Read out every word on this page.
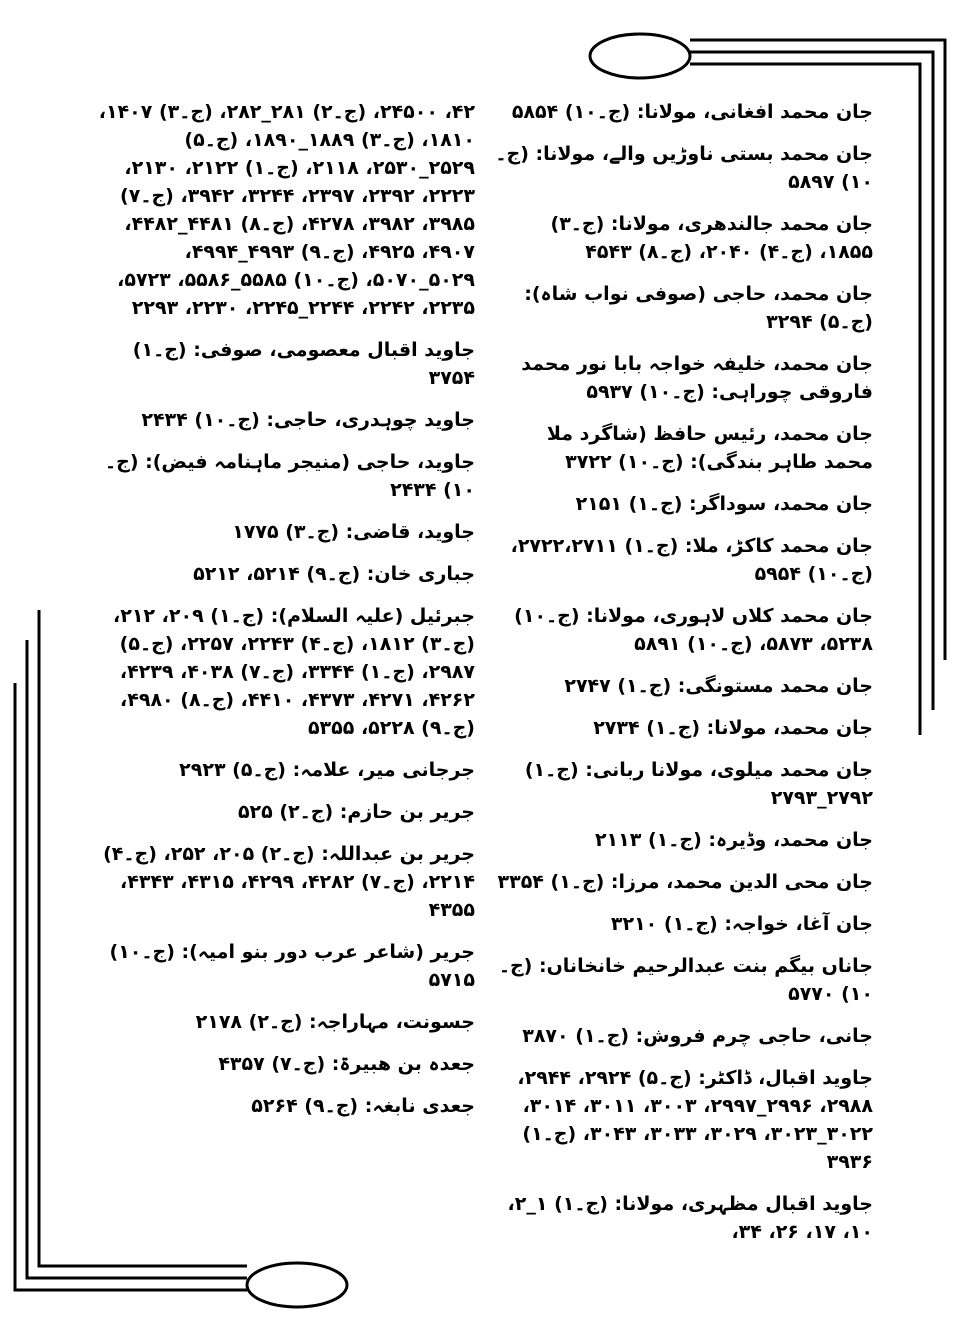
جان محمد افغانی، مولانا: (ج۔۱۰) ۵۸۵۴
جان محمد بستی ناوڑیں والے، مولانا: (ج۔۱۰) ۵۸۹۷
جان محمد جالندھری، مولانا: (ج۔۳) ۱۸۵۵، (ج۔۴) ۲۰۴۰، (ج۔۸) ۴۵۴۳
جان محمد، حاجی (صوفی نواب شاہ): (ج۔۵) ۳۲۹۴
جان محمد، خلیفہ خواجہ بابا نور محمد فاروقی چوراہی: (ج۔۱۰) ۵۹۳۷
جان محمد، رئیس حافظ (شاگرد ملا محمد طاہر بندگی): (ج۔۱۰) ۳۷۲۲
جان محمد، سوداگر: (ج۔۱) ۲۱۵۱
جان محمد کاکڑ، ملا: (ج۔۱) ۲۷۲۲،۲۷۱۱، (ج۔۱۰) ۵۹۵۴
جان محمد کلاں لاہوری، مولانا: (ج۔۱۰) ۵۲۳۸، ۵۸۷۳، (ج۔۱۰) ۵۸۹۱
جان محمد مستونگی: (ج۔۱) ۲۷۴۷
جان محمد، مولانا: (ج۔۱) ۲۷۳۴
جان محمد میلوی، مولانا ربانی: (ج۔۱) ۲۷۹۲_۲۷۹۳
جان محمد، وڈیرہ: (ج۔۱) ۲۱۱۳
جان محی الدین محمد، مرزا: (ج۔۱) ۳۳۵۴
جان آغا، خواجہ: (ج۔۱) ۳۲۱۰
جاناں بیگم بنت عبدالرحیم خانخاناں: (ج۔۱۰) ۵۷۷۰
جانی، حاجی چرم فروش: (ج۔۱) ۳۸۷۰
جاوید اقبال، ڈاکٹر: (ج۔۵) ۲۹۲۴، ۲۹۴۴، ۲۹۸۸، ۲۹۹۶_۲۹۹۷، ۳۰۰۳، ۳۰۱۱، ۳۰۱۴، ۳۰۲۲_۳۰۲۳، ۳۰۲۹، ۳۰۳۳، ۳۰۴۳، (ج۔۱) ۳۹۳۶
جاوید اقبال مظہری، مولانا: (ج۔۱) ۱_۲، ۱۰، ۱۷، ۲۶، ۳۴،
۴۲، ۲۴۵۰۰، (ج۔۲) ۲۸۱_۲۸۲، (ج۔۳) ۱۴۰۷، ۱۸۱۰، (ج۔۳) ۱۸۸۹_۱۸۹۰، (ج۔۵) ۲۵۲۹_۲۵۳۰، ۲۱۱۸، (ج۔۱) ۲۱۲۲، ۲۱۳۰، ۲۲۲۳، ۲۳۹۲، ۲۳۹۷، ۳۲۴۴، ۳۹۴۲، (ج۔۷) ۳۹۸۵، ۳۹۸۲، ۴۲۷۸، (ج۔۸) ۴۴۸۱_۴۴۸۲، ۴۹۰۷، ۴۹۲۵، (ج۔۹) ۴۹۹۳_۴۹۹۴، ۵۰۲۹_۵۰۷۰، (ج۔۱۰) ۵۵۸۵_۵۵۸۶، ۵۷۲۳، ۲۲۳۵، ۲۲۴۲، ۲۲۴۴_۲۲۴۵، ۲۲۳۰، ۲۲۹۳
جاوید اقبال معصومی، صوفی: (ج۔۱) ۳۷۵۴
جاوید چوہدری، حاجی: (ج۔۱۰) ۲۴۳۴
جاوید، حاجی (منیجر ماہنامہ فیض): (ج۔۱۰) ۲۴۳۴
جاوید، قاضی: (ج۔۳) ۱۷۷۵
جباری خان: (ج۔۹) ۵۲۱۴، ۵۲۱۲
جبرئیل (علیہ السلام): (ج۔۱) ۲۰۹، ۲۱۲، (ج۔۳) ۱۸۱۲، (ج۔۴) ۲۲۴۳، ۲۲۵۷، (ج۔۵) ۲۹۸۷، (ج۔۱) ۳۳۴۴، (ج۔۷) ۴۰۳۸، ۴۲۳۹، ۴۲۶۲، ۴۲۷۱، ۴۳۷۳، ۴۴۱۰، (ج۔۸) ۴۹۸۰، (ج۔۹) ۵۲۲۸، ۵۳۵۵
جرجانی میر، علامہ: (ج۔۵) ۲۹۲۳
جریر بن حازم: (ج۔۲) ۵۲۵
جریر بن عبداللہ: (ج۔۲) ۲۰۵، ۲۵۲، (ج۔۴) ۲۲۱۴، (ج۔۷) ۴۲۸۲، ۴۲۹۹، ۴۳۱۵، ۴۳۴۳، ۴۳۵۵
جریر (شاعر عرب دور بنو امیہ): (ج۔۱۰) ۵۷۱۵
جسونت، مہاراجہ: (ج۔۲) ۲۱۷۸
جعدہ بن ھبیرۃ: (ج۔۷) ۴۳۵۷
جعدی نابغہ: (ج۔۹) ۵۲۶۴
